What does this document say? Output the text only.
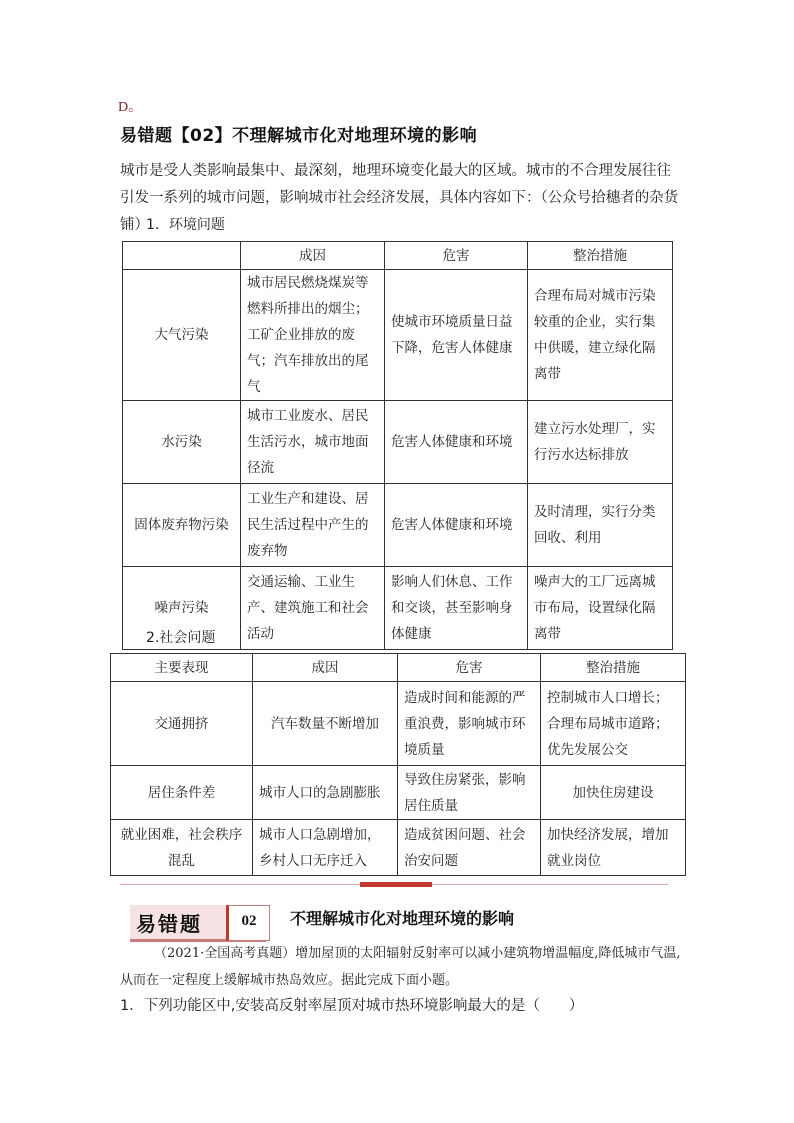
D。
易错题【02】不理解城市化对地理环境的影响
城市是受人类影响最集中、最深刻，地理环境变化最大的区域。城市的不合理发展往往引发一系列的城市问题，影响城市社会经济发展，具体内容如下：（公众号拾穗者的杂货铺）
1．环境问题
	成因	危害	整治措施
大气污染	城市居民燃烧煤炭等燃料所排出的烟尘；工矿企业排放的废气；汽车排放出的尾气	使城市环境质量日益下降，危害人体健康	合理布局对城市污染较重的企业，实行集中供暖，建立绿化隔离带
水污染	城市工业废水、居民生活污水，城市地面径流	危害人体健康和环境	建立污水处理厂，实行污水达标排放
固体废弃物污染	工业生产和建设、居民生活过程中产生的废弃物	危害人体健康和环境	及时清理，实行分类回收、利用
噪声污染	交通运输、工业生产、建筑施工和社会活动	影响人们休息、工作和交谈，甚至影响身体健康	噪声大的工厂远离城市布局，设置绿化隔离带
2.社会问题
主要表现	成因	危害	整治措施
交通拥挤	汽车数量不断增加	造成时间和能源的严重浪费，影响城市环境质量	控制城市人口增长；合理布局城市道路；优先发展公交
居住条件差	城市人口的急剧膨胀	导致住房紧张，影响居住质量	加快住房建设
就业困难，社会秩序混乱	城市人口急剧增加，乡村人口无序迁入	造成贫困问题、社会治安问题	加快经济发展，增加就业岗位
易错题	02	不理解城市化对地理环境的影响
（2021·全国高考真题）增加屋顶的太阳辐射反射率可以减小建筑物增温幅度,降低城市气温,从而在一定程度上缓解城市热岛效应。据此完成下面小题。
1．下列功能区中,安装高反射率屋顶对城市热环境影响最大的是（　　）
